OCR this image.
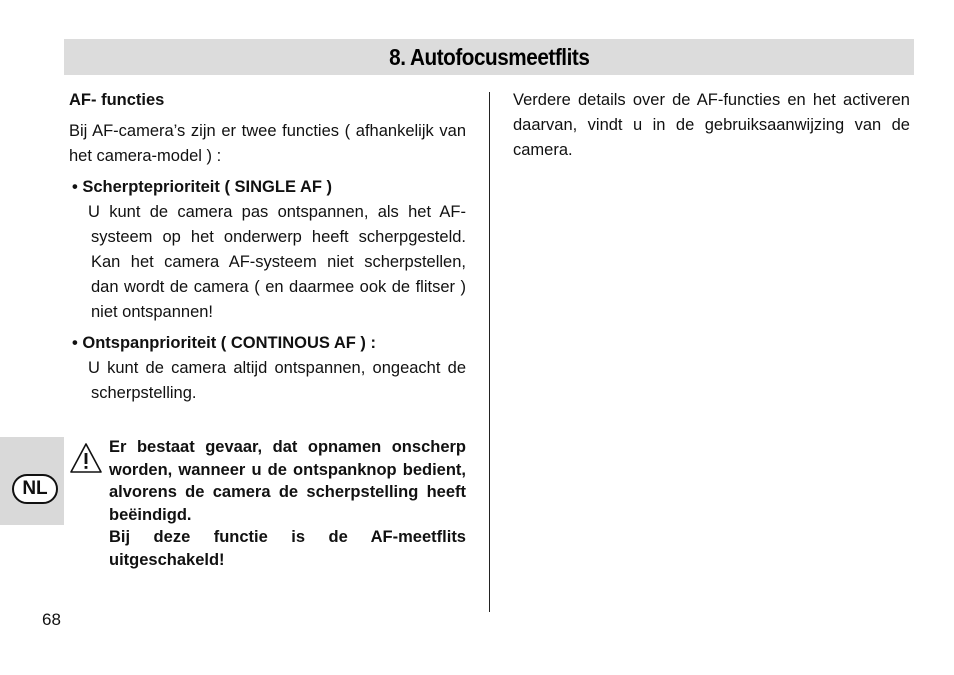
8. Autofocusmeetflits

AF- functies

Bij AF-camera’s zijn er twee functies ( afhankelijk van het camera-model ) :

• Scherpteprioriteit ( SINGLE AF )

U kunt de camera pas ontspannen, als het AF-systeem op het onderwerp heeft scherpgesteld. Kan het camera AF-systeem niet scherpstellen, dan wordt de camera ( en daarmee ook de flitser ) niet ontspannen!

• Ontspanprioriteit ( CONTINOUS AF ) :

U kunt de camera altijd ontspannen, ongeacht de scherpstelling.

Er bestaat gevaar, dat opnamen onscherp worden, wanneer u de ontspanknop bedient, alvorens de camera de scherpstelling heeft beëindigd.

Bij deze functie is de AF-meetflits uitgeschakeld!

Verdere details over de AF-functies en het activeren daarvan, vindt u in de gebruiksaanwijzing van de camera.

NL
68
